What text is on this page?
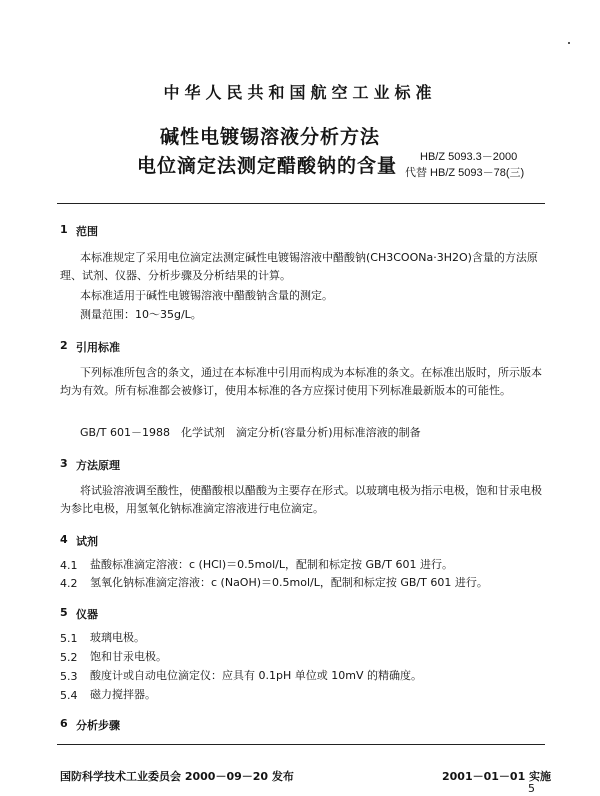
中华人民共和国航空工业标准
碱性电镀锡溶液分析方法
电位滴定法测定醋酸钠的含量 HB/Z 5093.3－2000
代替 HB/Z 5093－78(三)
1 范围
本标准规定了采用电位滴定法测定碱性电镀锡溶液中醋酸钠(CH3COONa·3H2O)含量的方法原理、试剂、仪器、分析步骤及分析结果的计算。
本标准适用于碱性电镀锡溶液中醋酸钠含量的测定。
测量范围：10～35g/L。
2 引用标准
下列标准所包含的条文，通过在本标准中引用而构成为本标准的条文。在标准出版时，所示版本均为有效。所有标准都会被修订，使用本标准的各方应探讨使用下列标准最新版本的可能性。
GB/T 601－1988　化学试剂　滴定分析(容量分析)用标准溶液的制备
3 方法原理
将试验溶液调至酸性，使醋酸根以醋酸为主要存在形式。以玻璃电极为指示电极，饱和甘汞电极为参比电极，用氢氧化钠标准滴定溶液进行电位滴定。
4 试剂
4.1 盐酸标准滴定溶液：c (HCl)＝0.5mol/L，配制和标定按 GB/T 601 进行。
4.2 氢氧化钠标准滴定溶液：c (NaOH)＝0.5mol/L，配制和标定按 GB/T 601 进行。
5 仪器
5.1 玻璃电极。
5.2 饱和甘汞电极。
5.3 酸度计或自动电位滴定仪：应具有 0.1pH 单位或 10mV 的精确度。
5.4 磁力搅拌器。
6 分析步骤
国防科学技术工业委员会 2000－09－20 发布	2001－01－01 实施
5
